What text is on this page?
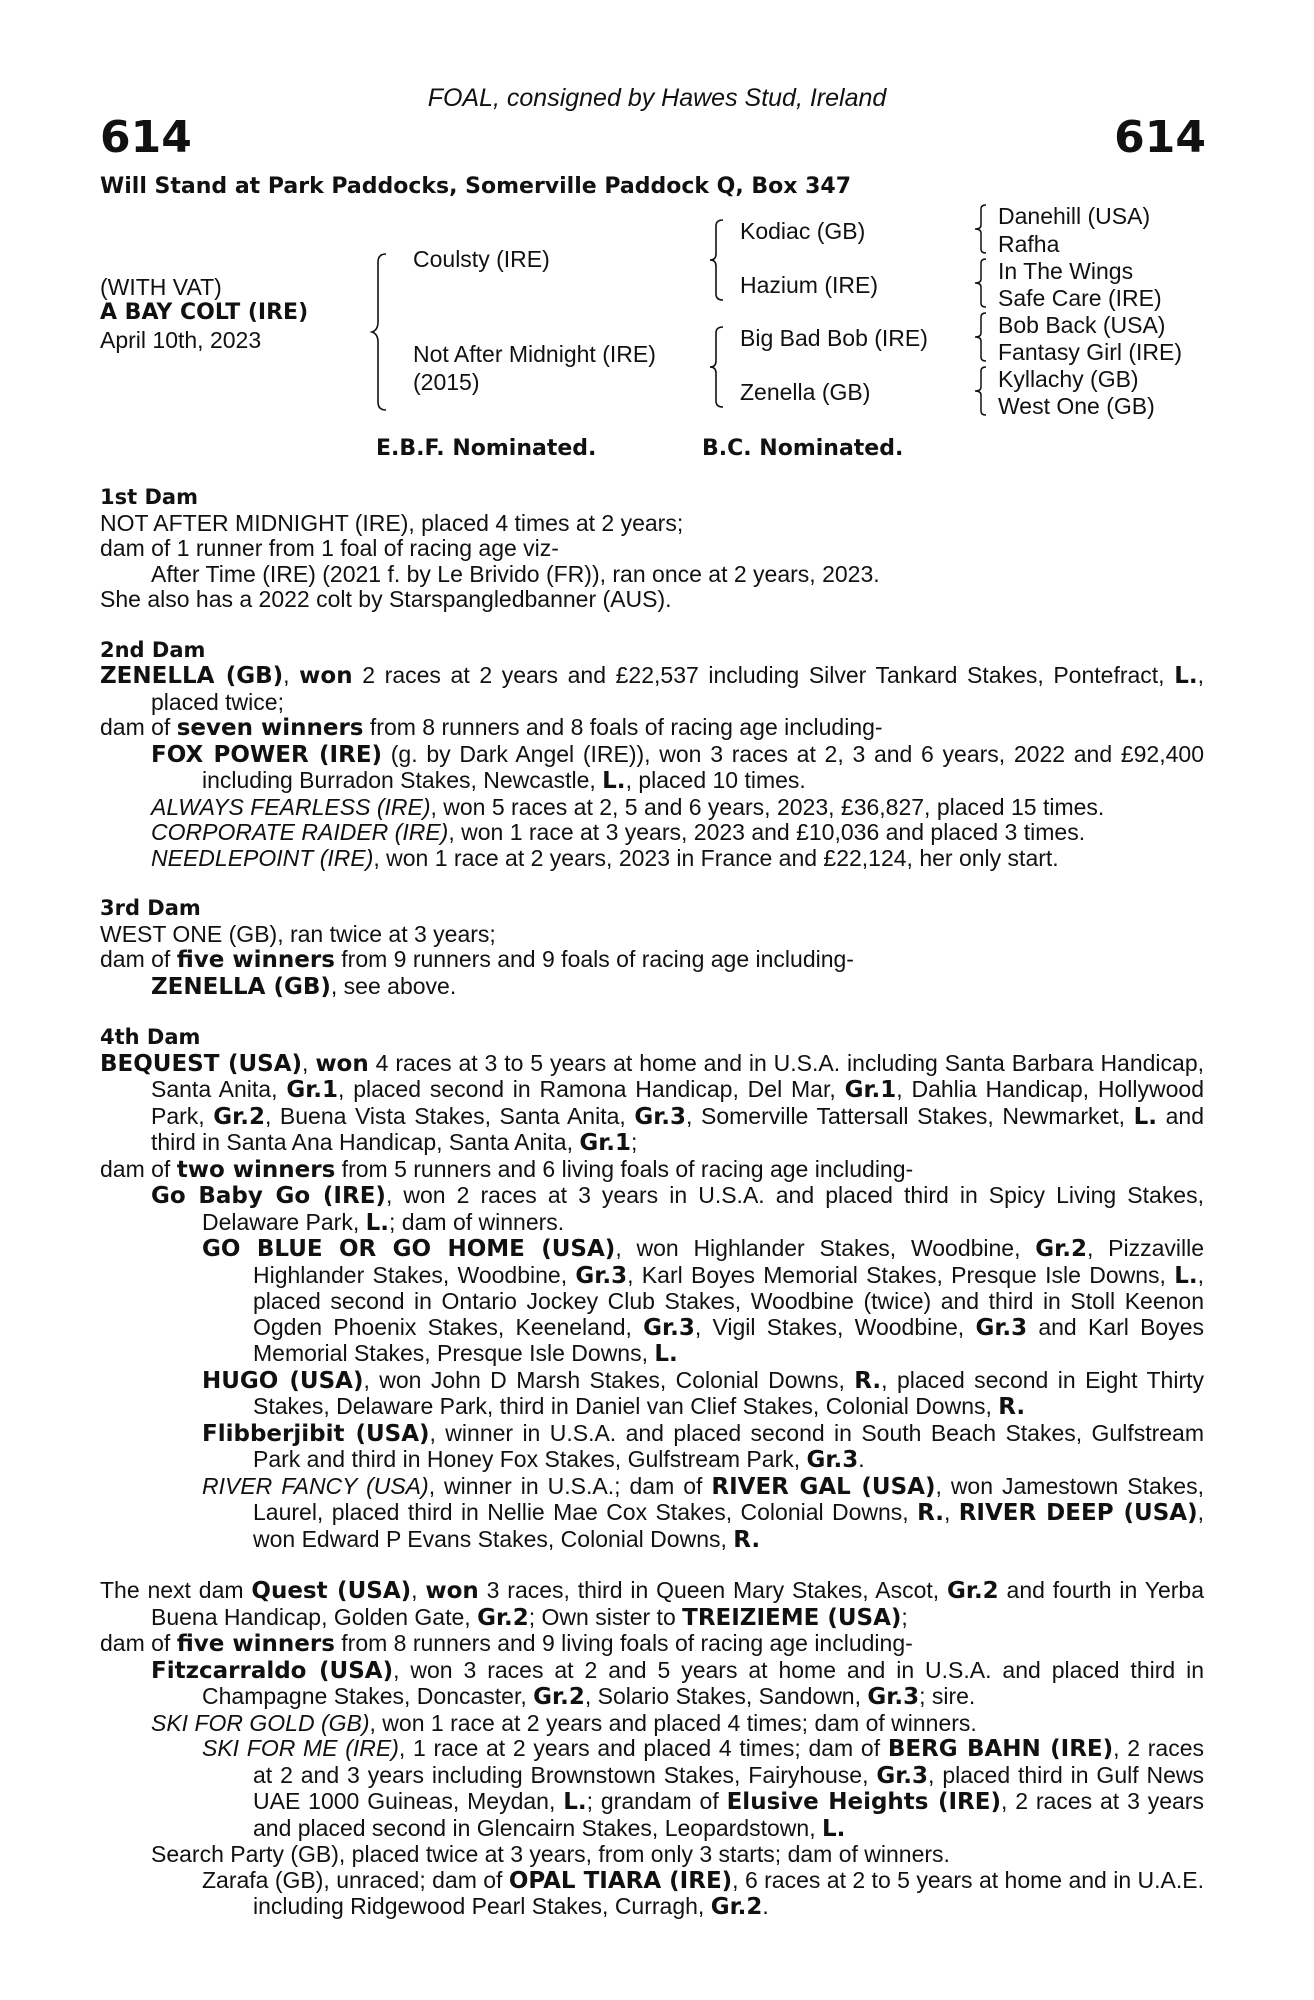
614	614
FOAL, consigned by Hawes Stud, Ireland
Will Stand at Park Paddocks, Somerville Paddock Q, Box 347
(WITH VAT)
A BAY COLT (IRE)
April 10th, 2023
Coulsty (IRE)
Not After Midnight (IRE)
(2015)
Kodiac (GB)
Hazium (IRE)
Big Bad Bob (IRE)
Zenella (GB)
Danehill (USA)
Rafha
In The Wings
Safe Care (IRE)
Bob Back (USA)
Fantasy Girl (IRE)
Kyllachy (GB)
West One (GB)
E.B.F. Nominated.	B.C. Nominated.

1st Dam

NOT AFTER MIDNIGHT (IRE), placed 4 times at 2 years;

dam of 1 runner from 1 foal of racing age viz-

After Time (IRE) (2021 f. by Le Brivido (FR)), ran once at 2 years, 2023.

She also has a 2022 colt by Starspangledbanner (AUS).

2nd Dam

ZENELLA (GB), won 2 races at 2 years and £22,537 including Silver Tankard Stakes, Pontefract, L., placed twice;

dam of seven winners from 8 runners and 8 foals of racing age including-

FOX POWER (IRE) (g. by Dark Angel (IRE)), won 3 races at 2, 3 and 6 years, 2022 and £92,400 including Burradon Stakes, Newcastle, L., placed 10 times.

ALWAYS FEARLESS (IRE), won 5 races at 2, 5 and 6 years, 2023, £36,827, placed 15 times.

CORPORATE RAIDER (IRE), won 1 race at 3 years, 2023 and £10,036 and placed 3 times.

NEEDLEPOINT (IRE), won 1 race at 2 years, 2023 in France and £22,124, her only start.

3rd Dam

WEST ONE (GB), ran twice at 3 years;

dam of five winners from 9 runners and 9 foals of racing age including-

ZENELLA (GB), see above.

4th Dam

BEQUEST (USA), won 4 races at 3 to 5 years at home and in U.S.A. including Santa Barbara Handicap, Santa Anita, Gr.1, placed second in Ramona Handicap, Del Mar, Gr.1, Dahlia Handicap, Hollywood Park, Gr.2, Buena Vista Stakes, Santa Anita, Gr.3, Somerville Tattersall Stakes, Newmarket, L. and third in Santa Ana Handicap, Santa Anita, Gr.1;

dam of two winners from 5 runners and 6 living foals of racing age including-

Go Baby Go (IRE), won 2 races at 3 years in U.S.A. and placed third in Spicy Living Stakes, Delaware Park, L.; dam of winners.

GO BLUE OR GO HOME (USA), won Highlander Stakes, Woodbine, Gr.2, Pizzaville Highlander Stakes, Woodbine, Gr.3, Karl Boyes Memorial Stakes, Presque Isle Downs, L., placed second in Ontario Jockey Club Stakes, Woodbine (twice) and third in Stoll Keenon Ogden Phoenix Stakes, Keeneland, Gr.3, Vigil Stakes, Woodbine, Gr.3 and Karl Boyes Memorial Stakes, Presque Isle Downs, L.

HUGO (USA), won John D Marsh Stakes, Colonial Downs, R., placed second in Eight Thirty Stakes, Delaware Park, third in Daniel van Clief Stakes, Colonial Downs, R.

Flibberjibit (USA), winner in U.S.A. and placed second in South Beach Stakes, Gulfstream Park and third in Honey Fox Stakes, Gulfstream Park, Gr.3.

RIVER FANCY (USA), winner in U.S.A.; dam of RIVER GAL (USA), won Jamestown Stakes, Laurel, placed third in Nellie Mae Cox Stakes, Colonial Downs, R., RIVER DEEP (USA), won Edward P Evans Stakes, Colonial Downs, R.

The next dam Quest (USA), won 3 races, third in Queen Mary Stakes, Ascot, Gr.2 and fourth in Yerba Buena Handicap, Golden Gate, Gr.2; Own sister to TREIZIEME (USA);

dam of five winners from 8 runners and 9 living foals of racing age including-

Fitzcarraldo (USA), won 3 races at 2 and 5 years at home and in U.S.A. and placed third in Champagne Stakes, Doncaster, Gr.2, Solario Stakes, Sandown, Gr.3; sire.

SKI FOR GOLD (GB), won 1 race at 2 years and placed 4 times; dam of winners.

SKI FOR ME (IRE), 1 race at 2 years and placed 4 times; dam of BERG BAHN (IRE), 2 races at 2 and 3 years including Brownstown Stakes, Fairyhouse, Gr.3, placed third in Gulf News UAE 1000 Guineas, Meydan, L.; grandam of Elusive Heights (IRE), 2 races at 3 years and placed second in Glencairn Stakes, Leopardstown, L.

Search Party (GB), placed twice at 3 years, from only 3 starts; dam of winners.

Zarafa (GB), unraced; dam of OPAL TIARA (IRE), 6 races at 2 to 5 years at home and in U.A.E. including Ridgewood Pearl Stakes, Curragh, Gr.2.
